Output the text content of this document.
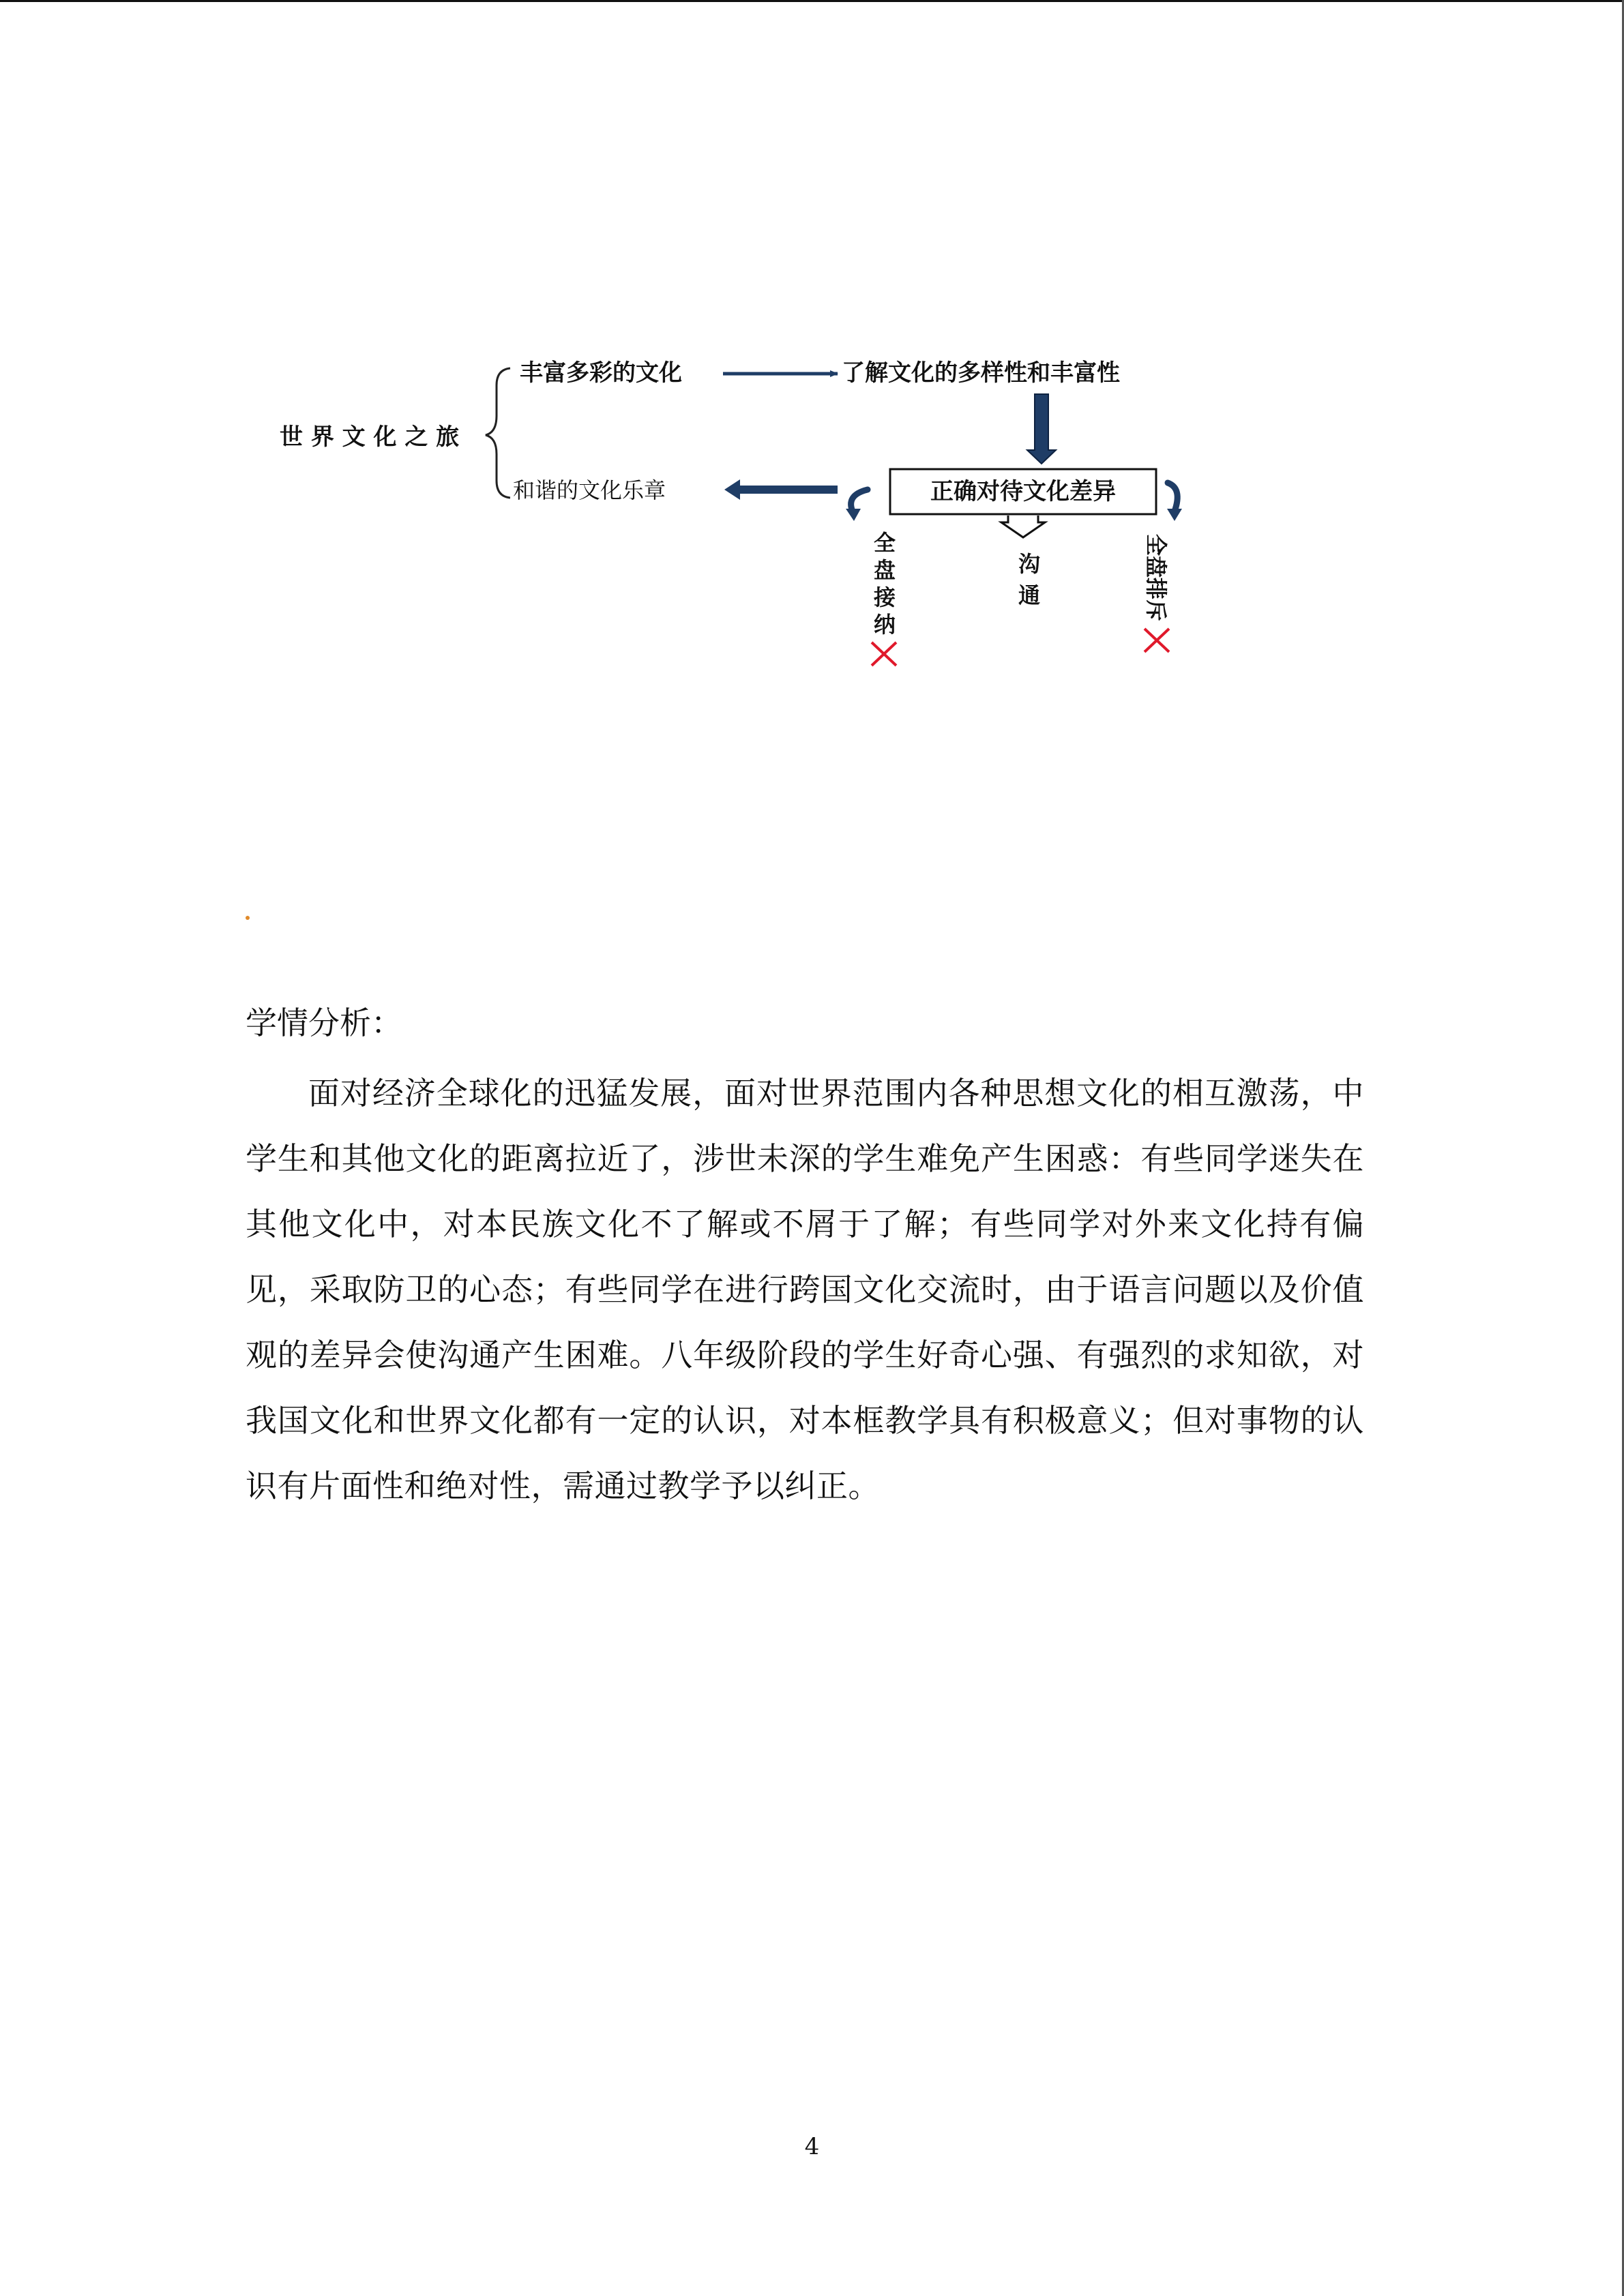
世 界 文 化 之 旅
丰富多彩的文化	了解文化的多样性和丰富性
正确对待文化差异
和谐的文化乐章
全
盘
接
纳
沟
通	全盘排斥

学情分析：

面对经济全球化的迅猛发展，面对世界范围内各种思想文化的相互激荡，中学生和其他文化的距离拉近了，涉世未深的学生难免产生困惑：有些同学迷失在其他文化中，对本民族文化不了解或不屑于了解；有些同学对外来文化持有偏见，采取防卫的心态；有些同学在进行跨国文化交流时，由于语言问题以及价值观的差异会使沟通产生困难。八年级阶段的学生好奇心强、有强烈的求知欲，对我国文化和世界文化都有一定的认识，对本框教学具有积极意义；但对事物的认识有片面性和绝对性，需通过教学予以纠正。

4
